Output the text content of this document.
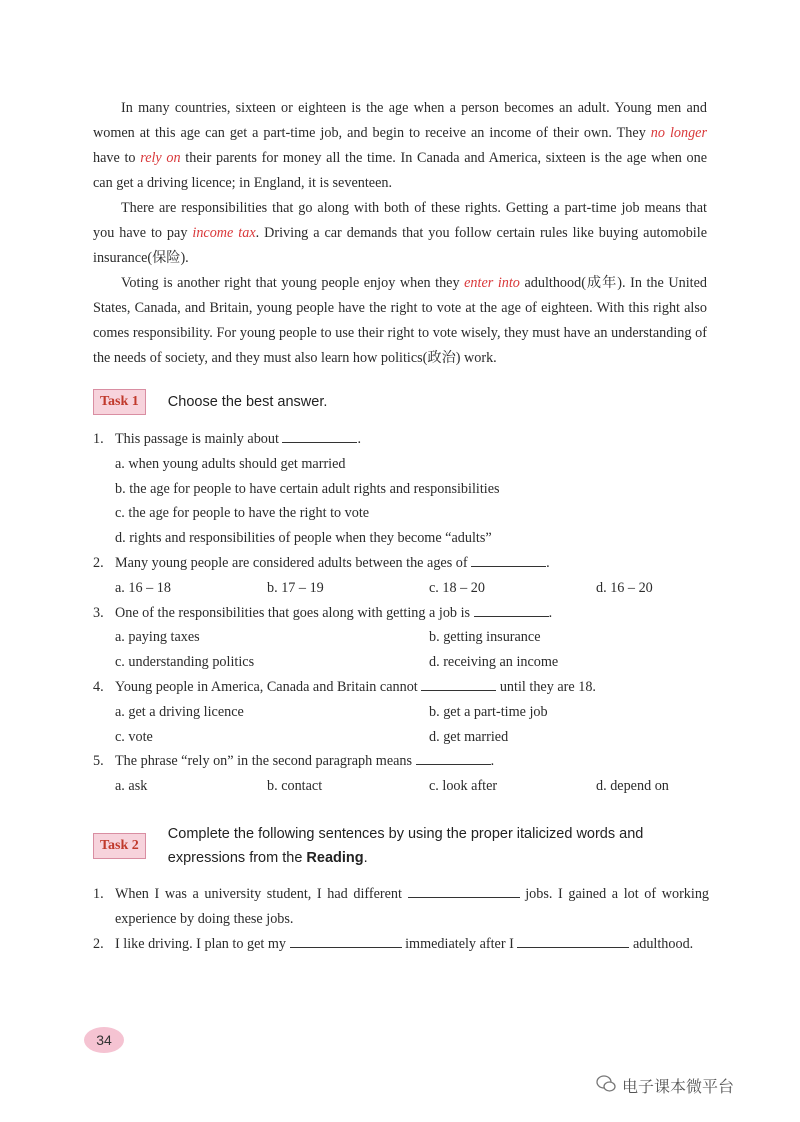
In many countries, sixteen or eighteen is the age when a person becomes an adult. Young men and women at this age can get a part-time job, and begin to receive an income of their own. They no longer have to rely on their parents for money all the time. In Canada and America, sixteen is the age when one can get a driving licence; in England, it is seventeen.

There are responsibilities that go along with both of these rights. Getting a part-time job means that you have to pay income tax. Driving a car demands that you follow certain rules like buying automobile insurance(保险).

Voting is another right that young people enjoy when they enter into adulthood(成年). In the United States, Canada, and Britain, young people have the right to vote at the age of eighteen. With this right also comes responsibility. For young people to use their right to vote wisely, they must have an understanding of the needs of society, and they must also learn how politics(政治) work.

Task 1	Choose the best answer.
1. This passage is mainly about	.
a. when young adults should get married
b. the age for people to have certain adult rights and responsibilities
c. the age for people to have the right to vote
d. rights and responsibilities of people when they become “adults”
2. Many young people are considered adults between the ages of	.
a. 16 – 18	b. 17 – 19	c. 18 – 20	d. 16 – 20
3. One of the responsibilities that goes along with getting a job is	.
a. paying taxes	b. getting insurance
c. understanding politics	d. receiving an income
4. Young people in America, Canada and Britain cannot	until they are 18.
a. get a driving licence	b. get a part-time job
c. vote	d. get married
5. The phrase “rely on” in the second paragraph means	.
a. ask	b. contact	c. look after	d. depend on
Task 2
Complete the following sentences by using the proper italicized words and expressions from the Reading.
1. When I was a university student, I had different	jobs. I gained a lot of working experience by doing these jobs.
2. I like driving. I plan to get my	immediately after I	adulthood.
34
电子课本微平台
